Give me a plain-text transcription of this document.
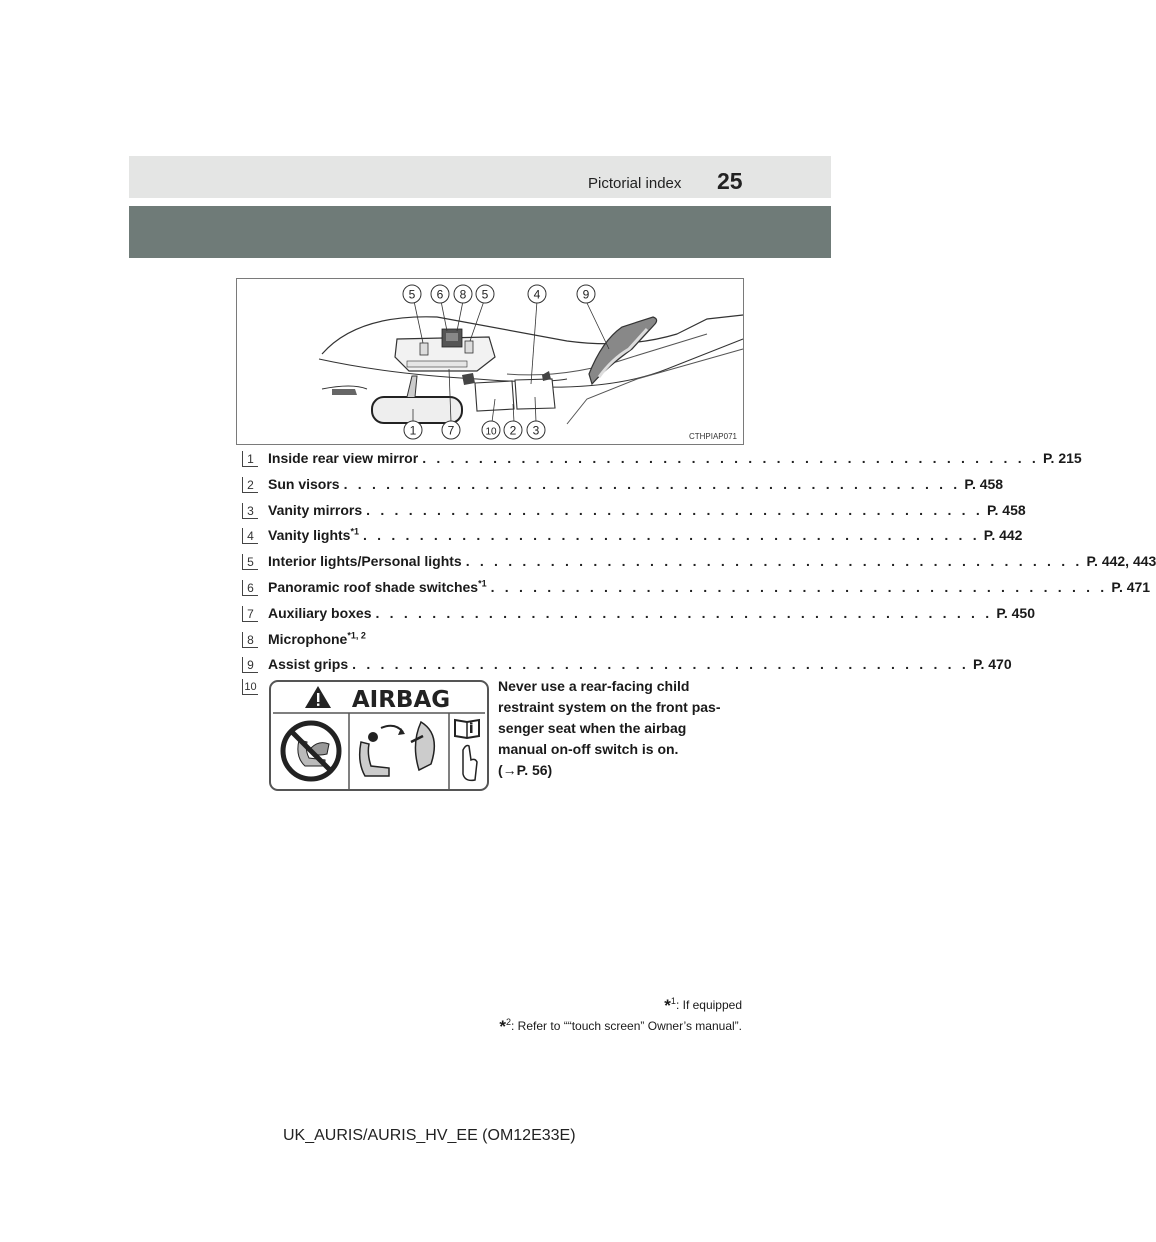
Pictorial index 25
5 6 8 5	4	9
1	7	10 2 3	CTHPIAP071
1 Inside rear view mirror . . . . . . . . . . . . . . . . . . . . . . . . . . . . . . . . . . . . . . . . . . . . P. 215
2 Sun visors . . . . . . . . . . . . . . . . . . . . . . . . . . . . . . . . . . . . . . . . . . . . P. 458
3 Vanity mirrors . . . . . . . . . . . . . . . . . . . . . . . . . . . . . . . . . . . . . . . . . . . . P. 458
4 Vanity lights$^{*1}$ . . . . . . . . . . . . . . . . . . . . . . . . . . . . . . . . . . . . . . . . . . . . P. 442
5 Interior lights/Personal lights . . . . . . . . . . . . . . . . . . . . . . . . . . . . . . . . . . . . . . . . . . . . P. 442, 443
6 Panoramic roof shade switches$^{*1}$ . . . . . . . . . . . . . . . . . . . . . . . . . . . . . . . . . . . . . . . . . . . . P. 471
7 Auxiliary boxes . . . . . . . . . . . . . . . . . . . . . . . . . . . . . . . . . . . . . . . . . . . . P. 450
8 Microphone$^{*1, 2}$
9 Assist grips . . . . . . . . . . . . . . . . . . . . . . . . . . . . . . . . . . . . . . . . . . . . P. 470
10	AIRBAG
Never use a rear-facing child
restraint system on the front pas-
senger seat when the airbag
manual on-off switch is on.
(→P. 56)
*$^1$: If equipped
*$^2$: Refer to ““touch screen” Owner’s manual”.
UK_AURIS/AURIS_HV_EE (OM12E33E)
